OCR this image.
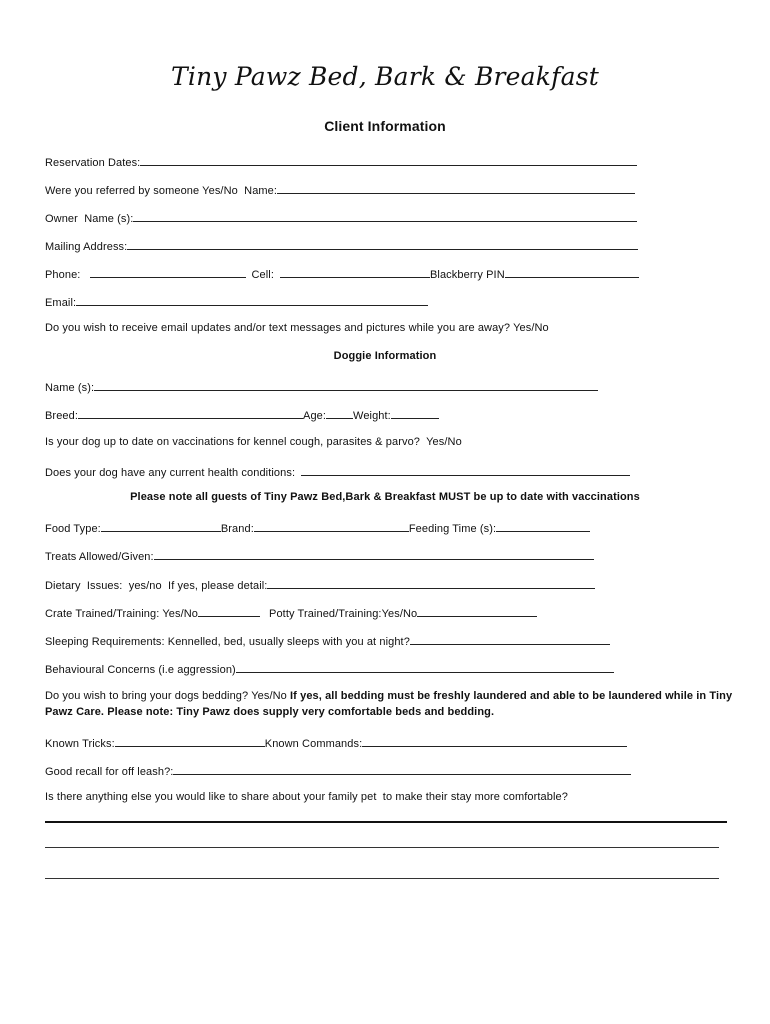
Tiny Pawz Bed, Bark & Breakfast
Client Information
Reservation Dates:
Were you referred by someone Yes/No  Name:
Owner  Name (s):
Mailing Address:
Phone:	Cell:	Blackberry PIN
Email:
Do you wish to receive email updates and/or text messages and pictures while you are away? Yes/No
Doggie Information
Name (s):
Breed:	Age: Weight:
Is your dog up to date on vaccinations for kennel cough, parasites & parvo?  Yes/No
Does your dog have any current health conditions:
Please note all guests of Tiny Pawz Bed,Bark & Breakfast MUST be up to date with vaccinations
Food Type:	Brand:	Feeding Time (s):
Treats Allowed/Given:
Dietary  Issues:  yes/no  If yes, please detail:
Crate Trained/Training: Yes/No	Potty Trained/Training:Yes/No
Sleeping Requirements: Kennelled, bed, usually sleeps with you at night?
Behavioural Concerns (i.e aggression)
Do you wish to bring your dogs bedding? Yes/No If yes, all bedding must be freshly laundered and able to be laundered while in Tiny Pawz Care. Please note: Tiny Pawz does supply very comfortable beds and bedding.
Known Tricks:	Known Commands:
Good recall for off leash?:
Is there anything else you would like to share about your family pet  to make their stay more comfortable?
